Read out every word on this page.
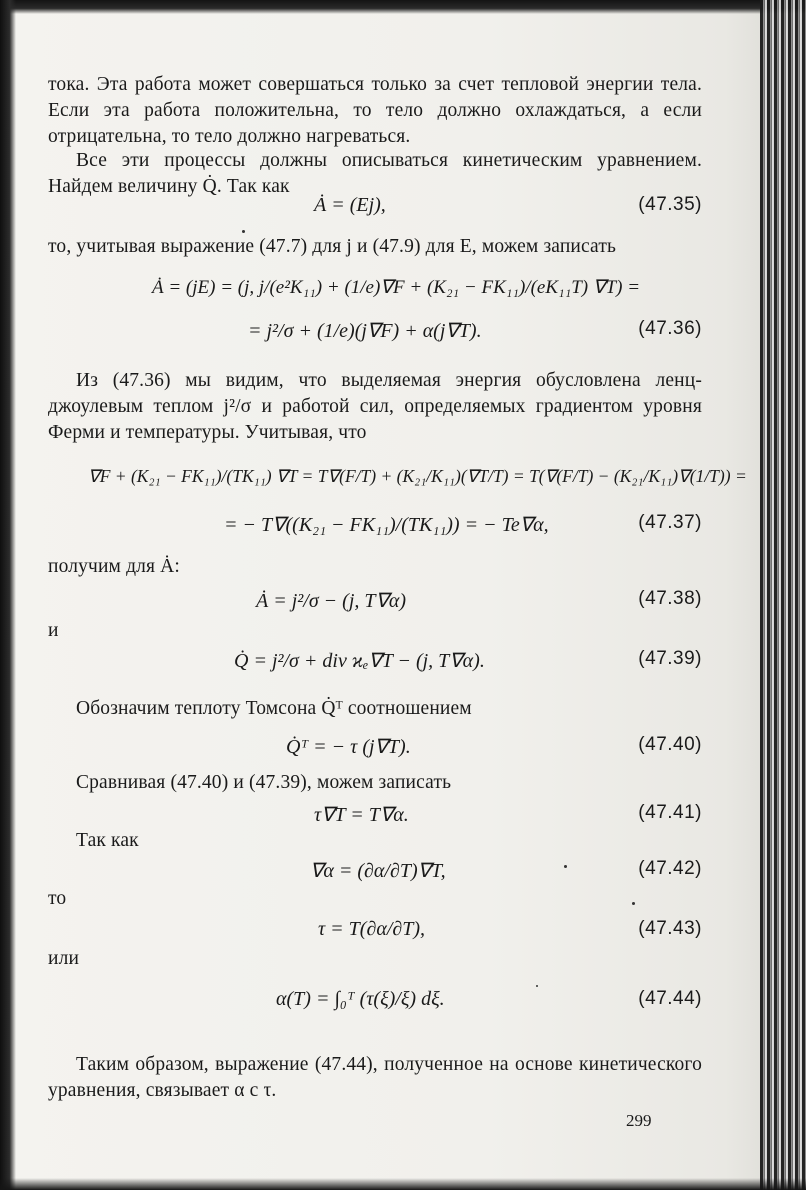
тока. Эта работа может совершаться только за счет тепловой энергии тела. Если эта работа положительна, то тело должно охлаждаться, а если отрицательна, то тело должно нагреваться.
Все эти процессы должны описываться кинетическим уравнением. Найдем величину Q̇. Так как
Ȧ = (Ej),	(47.35)
то, учитывая выражение (47.7) для j и (47.9) для E, можем записать
Ȧ = (jE) = (j, j/(e²K₁₁) + (1/e)∇F + (K₂₁ − FK₁₁)/(eK₁₁T) ∇T) =
= j²/σ + (1/e)(j∇F) + α(j∇T).	(47.36)
Из (47.36) мы видим, что выделяемая энергия обусловлена ленц-джоулевым теплом j²/σ и работой сил, определяемых градиентом уровня Ферми и температуры. Учитывая, что
∇F + (K₂₁ − FK₁₁)/(TK₁₁) ∇T = T∇(F/T) + (K₂₁/K₁₁)(∇T/T) = T(∇(F/T) − (K₂₁/K₁₁)∇(1/T)) =
= − T∇((K₂₁ − FK₁₁)/(TK₁₁)) = − Te∇α,	(47.37)
получим для Ȧ:
Ȧ = j²/σ − (j, T∇α)	(47.38)
и
Q̇ = j²/σ + div ϰₑ∇T − (j, T∇α).	(47.39)
Обозначим теплоту Томсона Q̇ᵀ соотношением
Q̇ᵀ = − τ (j∇T).	(47.40)
Сравнивая (47.40) и (47.39), можем записать
τ∇T = T∇α.	(47.41)
Так как
∇α = (∂α/∂T)∇T,	(47.42)
то
τ = T(∂α/∂T),	(47.43)
или
α(T) = ∫₀ᵀ (τ(ξ)/ξ) dξ.	(47.44)
Таким образом, выражение (47.44), полученное на основе кинетического уравнения, связывает α с τ.
299
